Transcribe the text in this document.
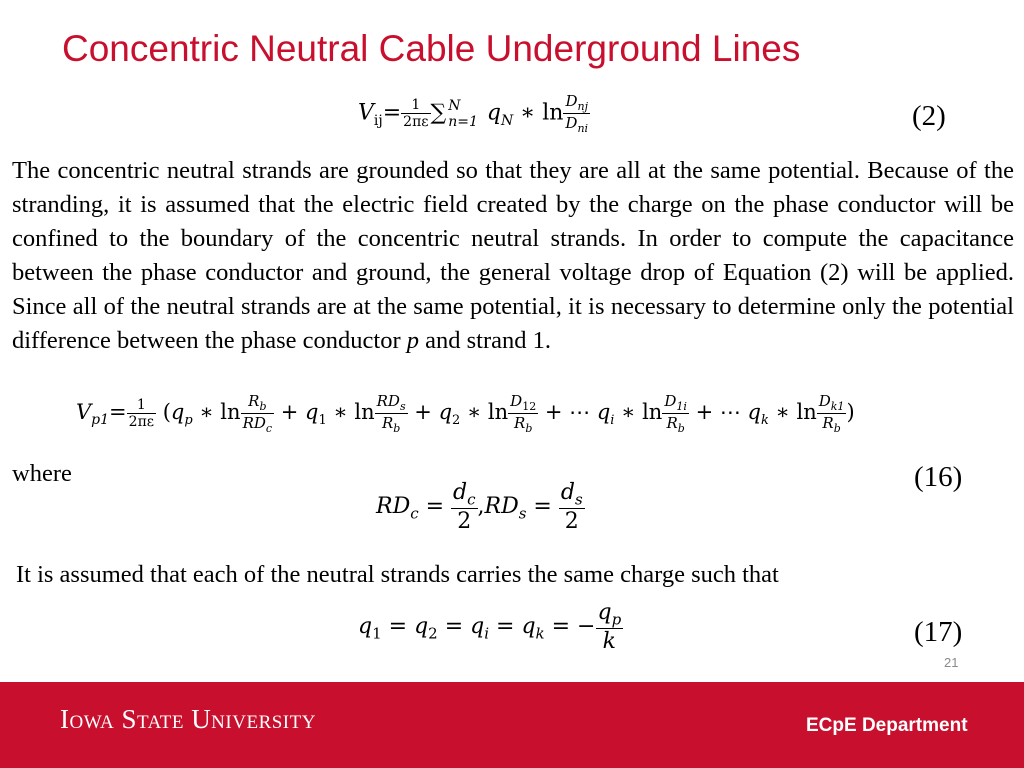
Concentric Neutral Cable Underground Lines
$V_{ij}= \frac{1}{2\pi\varepsilon}$ ∑ N
n=1 $q_N$ ∗ $\ln \frac{D_{nj}}{D_{ni}}$	(2)

The concentric neutral strands are grounded so that they are all at the same potential. Because of the stranding, it is assumed that the electric field created by the charge on the phase conductor will be confined to the boundary of the concentric neutral strands. In order to compute the capacitance between the phase conductor and ground, the general voltage drop of Equation (2) will be applied. Since all of the neutral strands are at the same potential, it is necessary to determine only the potential difference between the phase conductor p and strand 1.

$V_{p1}= \frac{1}{2\pi\varepsilon} (q_p$ ∗ $\ln \frac{R_b}{RD_c} + q_1$ ∗ $\ln \frac{RD_s}{R_b} + q_2$ ∗ $\ln \frac{D_{12}}{R_b}$ + ⋯ $q_i$ ∗ $\ln \frac{D_{1i}}{R_b}$ + ⋯ $q_k$ ∗ $\ln \frac{D_{k1}}{R_b}$ )
where	(16)
$RD_c = \frac{d_c}{2} ,RD_s = \frac{d_s}{2}$
It is assumed that each of the neutral strands carries the same charge such that
$q_1 = q_2 = q_i = q_k$ = − $\frac{q_p}{k}$	(17)
21
Iowa State University	ECpE Department
